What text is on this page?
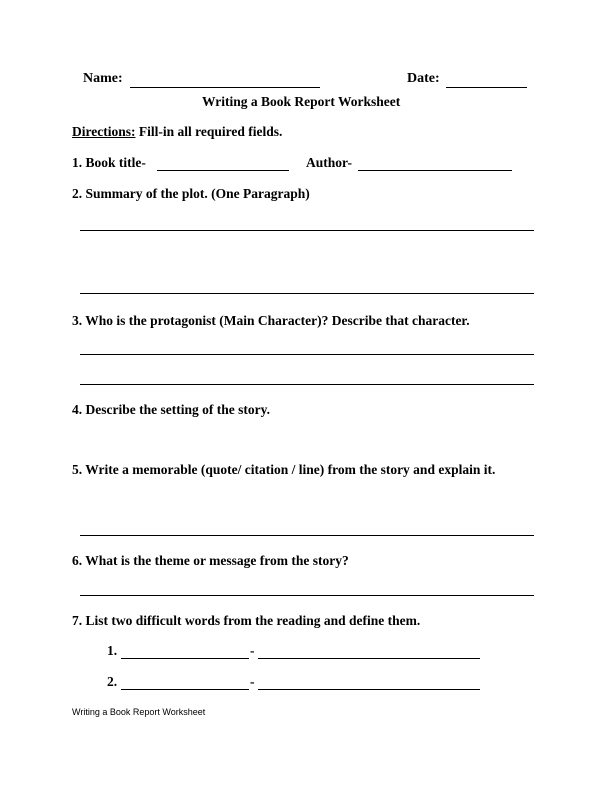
Name:	Date:
Writing a Book Report Worksheet
Directions: Fill-in all required fields.
1. Book title-	Author-
2. Summary of the plot. (One Paragraph)
3. Who is the protagonist (Main Character)? Describe that character.
4. Describe the setting of the story.
5. Write a memorable (quote/ citation / line) from the story and explain it.
6. What is the theme or message from the story?
7. List two difficult words from the reading and define them.
1.	-
2.	-
Writing a Book Report Worksheet
